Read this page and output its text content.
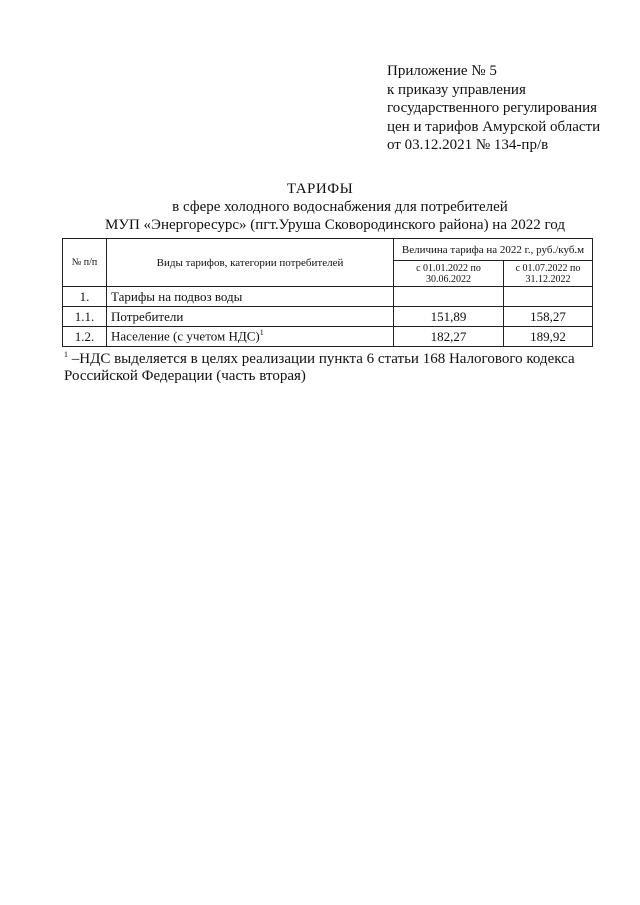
Приложение № 5
к приказу управления
государственного регулирования
цен и тарифов Амурской области
от 03.12.2021 № 134-пр/в
ТАРИФЫ
в сфере холодного водоснабжения для потребителей
МУП «Энергоресурс» (пгт.Уруша Сковородинского района) на 2022 год
№ п/п	Виды тарифов, категории потребителей	Величина тарифа на 2022 г., руб./куб.м	
		с 01.01.2022 по 30.06.2022	с 01.07.2022 по 31.12.2022
1.	Тарифы на подвоз воды		
1.1.	Потребители	151,89	158,27
1.2.	Население (с учетом НДС)$^1$	182,27	189,92
$^1$ –НДС выделяется в целях реализации пункта 6 статьи 168 Налогового кодекса Российской Федерации (часть вторая)
